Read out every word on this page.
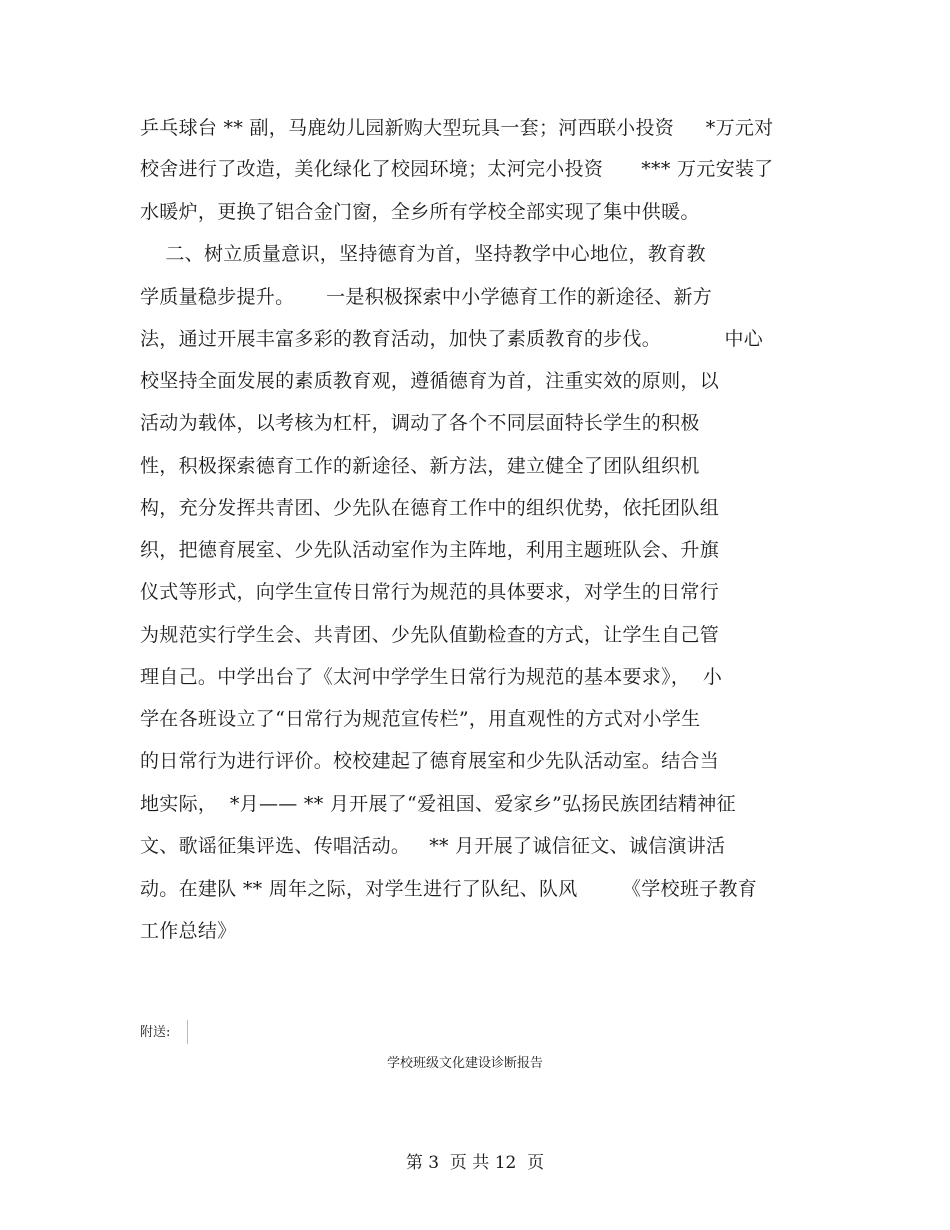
乒乓球台 ** 副，马鹿幼儿园新购大型玩具一套；河西联小投资     *万元对
校舍进行了改造，美化绿化了校园环境；太河完小投资      *** 万元安装了
水暖炉，更换了铝合金门窗，全乡所有学校全部实现了集中供暖。
二、树立质量意识，坚持德育为首，坚持教学中心地位，教育教
学质量稳步提升。     一是积极探索中小学德育工作的新途径、新方
法，通过开展丰富多彩的教育活动，加快了素质教育的步伐。          中心
校坚持全面发展的素质教育观，遵循德育为首，注重实效的原则，以
活动为载体，以考核为杠杆，调动了各个不同层面特长学生的积极
性，积极探索德育工作的新途径、新方法，建立健全了团队组织机
构，充分发挥共青团、少先队在德育工作中的组织优势，依托团队组
织，把德育展室、少先队活动室作为主阵地，利用主题班队会、升旗
仪式等形式，向学生宣传日常行为规范的具体要求，对学生的日常行
为规范实行学生会、共青团、少先队值勤检查的方式，让学生自己管
理自己。中学出台了《太河中学学生日常行为规范的基本要求》，  小
学在各班设立了“日常行为规范宣传栏”，用直观性的方式对小学生
的日常行为进行评价。校校建起了德育展室和少先队活动室。结合当
地实际，  *月—— ** 月开展了“爱祖国、爱家乡”弘扬民族团结精神征
文、歌谣征集评选、传唱活动。   ** 月开展了诚信征文、诚信演讲活
动。在建队 ** 周年之际，对学生进行了队纪、队风       《学校班子教育
工作总结》
附送:
学校班级文化建设诊断报告
第 3  页 共 12  页
